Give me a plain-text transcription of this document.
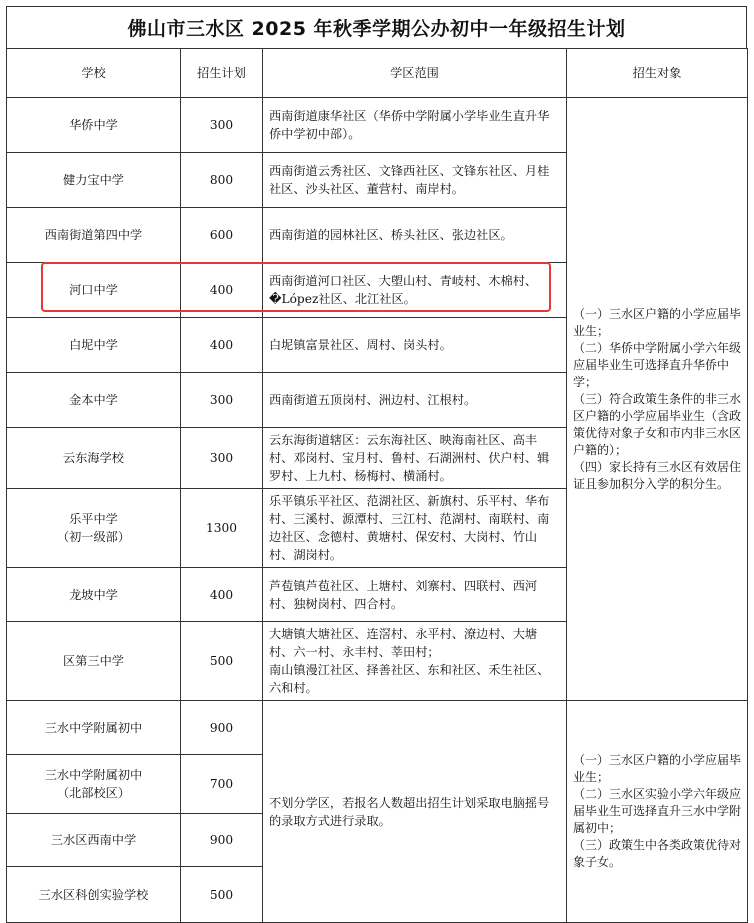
佛山市三水区 2025 年秋季学期公办初中一年级招生计划
学校	招生计划	学区范围	招生对象
华侨中学	300	西南街道康华社区（华侨中学附属小学毕业生直升华侨中学初中部）。	（一）三水区户籍的小学应届毕业生；
（二）华侨中学附属小学六年级应届毕业生可选择直升华侨中学；
（三）符合政策生条件的非三水区户籍的小学应届毕业生（含政策优待对象子女和市内非三水区户籍的）；
（四）家长持有三水区有效居住证且参加积分入学的积分生。
健力宝中学	800	西南街道云秀社区、文锋西社区、文锋东社区、月桂社区、沙头社区、董营村、南岸村。	
西南街道第四中学	600	西南街道的园林社区、桥头社区、张边社区。	
河口中学	400	西南街道河口社区、大塱山村、青岐村、木棉村、�López社区、北江社区。	
白坭中学	400	白坭镇富景社区、周村、岗头村。	
金本中学	300	西南街道五顶岗村、洲边村、江根村。	
云东海学校	300	云东海街道辖区：云东海社区、映海南社区、高丰村、邓岗村、宝月村、鲁村、石湖洲村、伏户村、辑罗村、上九村、杨梅村、横涌村。	
乐平中学
（初一级部）	1300	乐平镇乐平社区、范湖社区、新旗村、乐平村、华布村、三溪村、源潭村、三江村、范湖村、南联村、南边社区、念德村、黄塘村、保安村、大岗村、竹山村、湖岗村。	
龙坡中学	400	芦苞镇芦苞社区、上塘村、刘寨村、四联村、西河村、独树岗村、四合村。	
区第三中学	500	大塘镇大塘社区、连滘村、永平村、潦边村、大塘村、六一村、永丰村、莘田村；
南山镇漫江社区、择善社区、东和社区、禾生社区、六和村。	
三水中学附属初中	900	不划分学区，若报名人数超出招生计划采取电脑摇号的录取方式进行录取。	（一）三水区户籍的小学应届毕业生；
（二）三水区实验小学六年级应届毕业生可选择直升三水中学附属初中；
（三）政策生中各类政策优待对象子女。
三水中学附属初中
（北部校区）	700		
三水区西南中学	900		
三水区科创实验学校	500		
